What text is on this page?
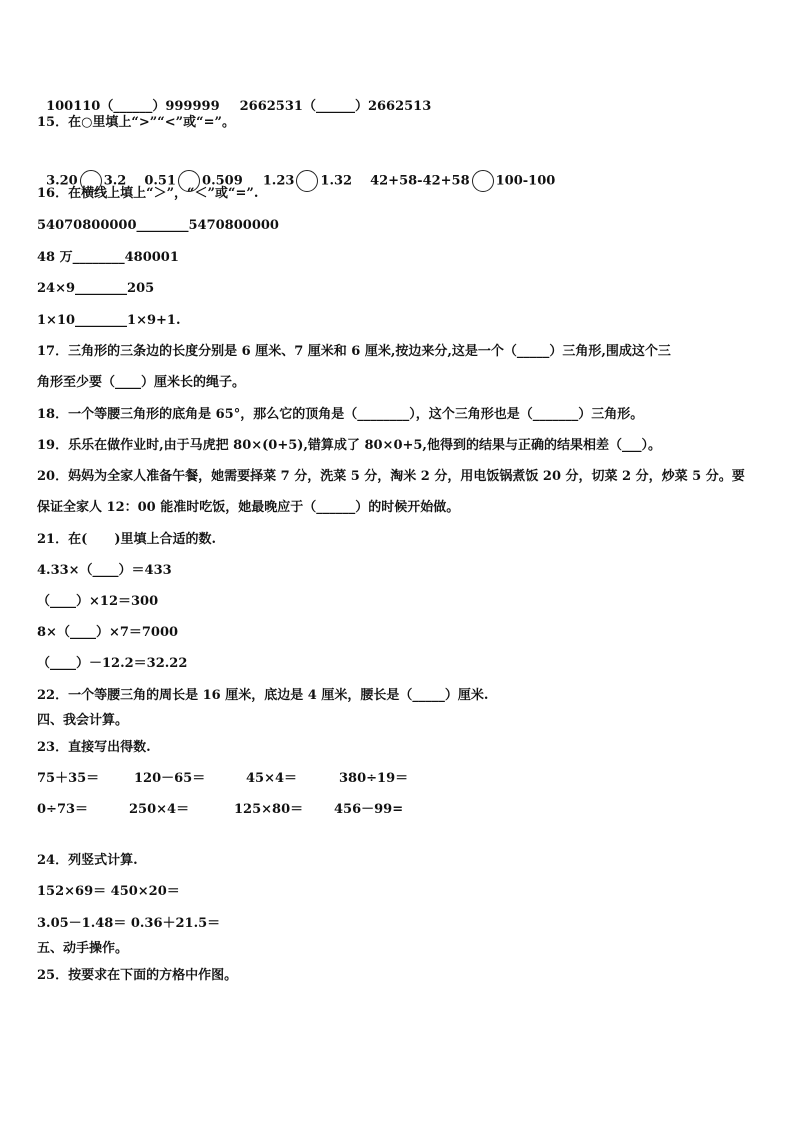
100110（______）999999 2662531（______）2662513

15．在○里填上“>”“<”或“=”。

3.20 3.2 0.51 0.509 1.23 1.32 42+58-42+58 100-100

16．在横线上填上“＞”，“＜”或“=”.
54070800000________5470800000
48 万________480001
24×9________205
1×10________1×9+1.
17．三角形的三条边的长度分别是 6 厘米、7 厘米和 6 厘米,按边来分,这是一个（_____）三角形,围成这个三
角形至少要（____）厘米长的绳子。
18．一个等腰三角形的底角是 65°，那么它的顶角是（________），这个三角形也是（_______）三角形。
19．乐乐在做作业时,由于马虎把 80×(0+5),错算成了 80×0+5,他得到的结果与正确的结果相差（___）。
20．妈妈为全家人准备午餐，她需要择菜 7 分，洗菜 5 分，淘米 2 分，用电饭锅煮饭 20 分，切菜 2 分，炒菜 5 分。要
保证全家人 12：00 能准时吃饭，她最晚应于（______）的时候开始做。
21．在(      )里填上合适的数.
4.33×（____）＝433
（____）×12＝300
8×（____）×7＝7000
（____）－12.2＝32.22
22．一个等腰三角的周长是 16 厘米，底边是 4 厘米，腰长是（_____）厘米.
四、我会计算。
23．直接写出得数.
75＋35＝	120－65＝	45×4＝	380÷19＝
0÷73＝	250×4＝	125×80＝ 456－99=
24．列竖式计算.
152×69＝ 450×20＝
3.05－1.48＝ 0.36＋21.5＝
五、动手操作。
25．按要求在下面的方格中作图。
